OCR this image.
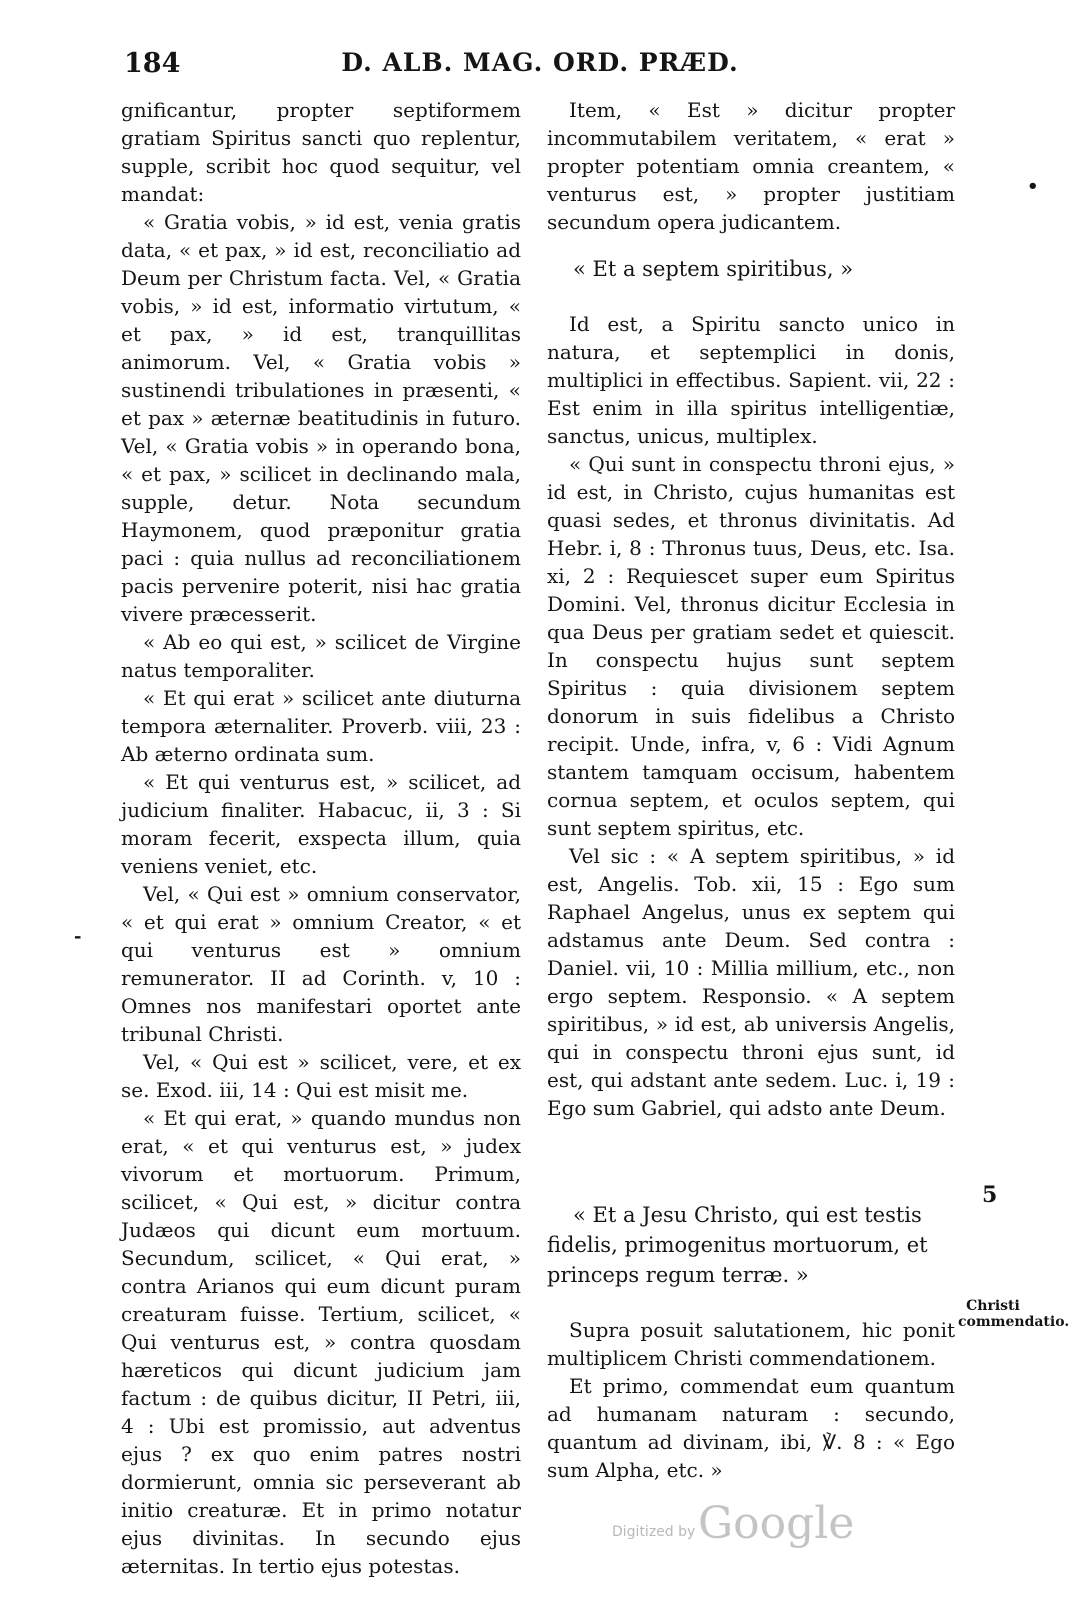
184	D. ALB. MAG. ORD. PRÆD.

gnificantur, propter septiformem gratiam Spiritus sancti quo replentur, supple, scribit hoc quod sequitur, vel mandat:

« Gratia vobis, » id est, venia gratis data, « et pax, » id est, reconciliatio ad Deum per Christum facta. Vel, « Gratia vobis, » id est, informatio virtutum, « et pax, » id est, tranquillitas animorum. Vel, « Gratia vobis » sustinendi tribulationes in præsenti, « et pax » æternæ beatitudinis in futuro. Vel, « Gratia vobis » in operando bona, « et pax, » scilicet in declinando mala, supple, detur. Nota secundum Haymonem, quod præponitur gratia paci : quia nullus ad reconciliationem pacis pervenire poterit, nisi hac gratia vivere præcesserit.

« Ab eo qui est, » scilicet de Virgine natus temporaliter.

« Et qui erat » scilicet ante diuturna tempora æternaliter. Proverb. viii, 23 : Ab æterno ordinata sum.

« Et qui venturus est, » scilicet, ad judicium finaliter. Habacuc, ii, 3 : Si moram fecerit, exspecta illum, quia veniens veniet, etc.

Vel, « Qui est » omnium conservator, « et qui erat » omnium Creator, « et qui venturus est » omnium remunerator. II ad Corinth. v, 10 : Omnes nos manifestari oportet ante tribunal Christi.

Vel, « Qui est » scilicet, vere, et ex se. Exod. iii, 14 : Qui est misit me.

« Et qui erat, » quando mundus non erat, « et qui venturus est, » judex vivorum et mortuorum. Primum, scilicet, « Qui est, » dicitur contra Judæos qui dicunt eum mortuum. Secundum, scilicet, « Qui erat, » contra Arianos qui eum dicunt puram creaturam fuisse. Tertium, scilicet, « Qui venturus est, » contra quosdam hæreticos qui dicunt judicium jam factum : de quibus dicitur, II Petri, iii, 4 : Ubi est promissio, aut adventus ejus ? ex quo enim patres nostri dormierunt, omnia sic perseverant ab initio creaturæ. Et in primo notatur ejus divinitas. In secundo ejus æternitas. In tertio ejus potestas.

Item, « Est » dicitur propter incommutabilem veritatem, « erat » propter potentiam omnia creantem, « venturus est, » propter justitiam secundum opera judicantem.

« Et a septem spiritibus, »

Id est, a Spiritu sancto unico in natura, et septemplici in donis, multiplici in effectibus. Sapient. vii, 22 : Est enim in illa spiritus intelligentiæ, sanctus, unicus, multiplex.

« Qui sunt in conspectu throni ejus, » id est, in Christo, cujus humanitas est quasi sedes, et thronus divinitatis. Ad Hebr. i, 8 : Thronus tuus, Deus, etc. Isa. xi, 2 : Requiescet super eum Spiritus Domini. Vel, thronus dicitur Ecclesia in qua Deus per gratiam sedet et quiescit. In conspectu hujus sunt septem Spiritus : quia divisionem septem donorum in suis fidelibus a Christo recipit. Unde, infra, v, 6 : Vidi Agnum stantem tamquam occisum, habentem cornua septem, et oculos septem, qui sunt septem spiritus, etc.

Vel sic : « A septem spiritibus, » id est, Angelis. Tob. xii, 15 : Ego sum Raphael Angelus, unus ex septem qui adstamus ante Deum. Sed contra : Daniel. vii, 10 : Millia millium, etc., non ergo septem. Responsio. « A septem spiritibus, » id est, ab universis Angelis, qui in conspectu throni ejus sunt, id est, qui adstant ante sedem. Luc. i, 19 : Ego sum Gabriel, qui adsto ante Deum.

« Et a Jesu Christo, qui est testis fidelis, primogenitus mortuorum, et princeps regum terræ. »

Supra posuit salutationem, hic ponit multiplicem Christi commendationem.

Et primo, commendat eum quantum ad humanam naturam : secundo, quantum ad divinam, ibi, ℣. 8 : « Ego sum Alpha, etc. »

•
-
5
Christi commendatio.
Digitized by Google
